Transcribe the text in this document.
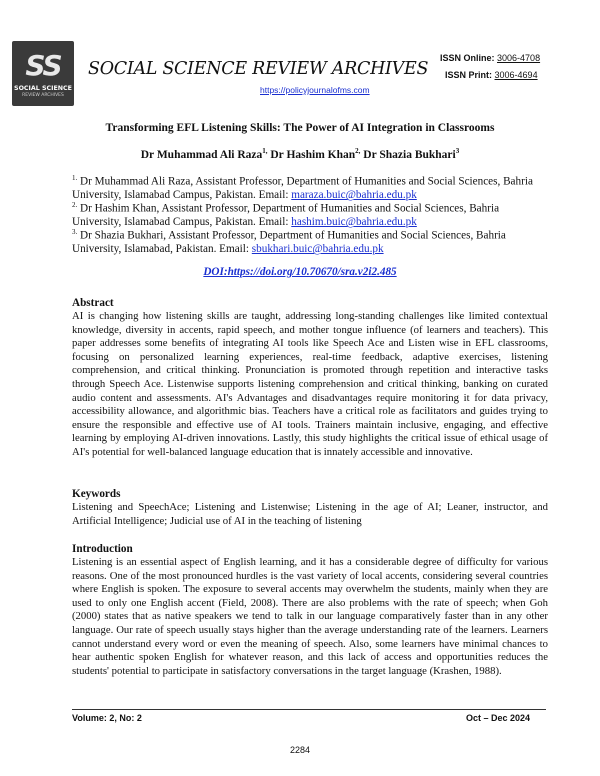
SS
SOCIAL SCIENCE
REVIEW ARCHIVES
SOCIAL SCIENCE REVIEW ARCHIVES
https://policyjournalofms.com
ISSN Online: 3006-4708
ISSN Print: 3006-4694
Transforming EFL Listening Skills: The Power of AI Integration in Classrooms
Dr Muhammad Ali Raza$^{1,}$ Dr Hashim Khan$^{2,}$ Dr Shazia Bukhari$^3$
$^{1.}$ Dr Muhammad Ali Raza, Assistant Professor, Department of Humanities and Social Sciences, Bahria University, Islamabad Campus, Pakistan. Email: maraza.buic@bahria.edu.pk
$^{2.}$ Dr Hashim Khan, Assistant Professor, Department of Humanities and Social Sciences, Bahria University, Islamabad Campus, Pakistan. Email: hashim.buic@bahria.edu.pk
$^{3.}$ Dr Shazia Bukhari, Assistant Professor, Department of Humanities and Social Sciences, Bahria University, Islamabad, Pakistan. Email: sbukhari.buic@bahria.edu.pk
DOI:https://doi.org/10.70670/sra.v2i2.485
Abstract
AI is changing how listening skills are taught, addressing long-standing challenges like limited contextual knowledge, diversity in accents, rapid speech, and mother tongue influence (of learners and teachers). This paper addresses some benefits of integrating AI tools like Speech Ace and Listen wise in EFL classrooms, focusing on personalized learning experiences, real-time feedback, adaptive exercises, listening comprehension, and critical thinking. Pronunciation is promoted through repetition and interactive tasks through Speech Ace. Listenwise supports listening comprehension and critical thinking, banking on curated audio content and assessments. AI's Advantages and disadvantages require monitoring it for data privacy, accessibility allowance, and algorithmic bias. Teachers have a critical role as facilitators and guides trying to ensure the responsible and effective use of AI tools. Trainers maintain inclusive, engaging, and effective learning by employing AI-driven innovations. Lastly, this study highlights the critical issue of ethical usage of AI's potential for well-balanced language education that is innately accessible and innovative.
Keywords
Listening and SpeechAce; Listening and Listenwise; Listening in the age of AI; Leaner, instructor, and Artificial Intelligence; Judicial use of AI in the teaching of listening
Introduction
Listening is an essential aspect of English learning, and it has a considerable degree of difficulty for various reasons. One of the most pronounced hurdles is the vast variety of local accents, considering several countries where English is spoken. The exposure to several accents may overwhelm the students, mainly when they are used to only one English accent (Field, 2008). There are also problems with the rate of speech; when Goh (2000) states that as native speakers we tend to talk in our language comparatively faster than in any other language. Our rate of speech usually stays higher than the average understanding rate of the learners. Learners cannot understand every word or even the meaning of speech. Also, some learners have minimal chances to hear authentic spoken English for whatever reason, and this lack of access and opportunities reduces the students' potential to participate in satisfactory conversations in the target language (Krashen, 1988).
Volume: 2, No: 2	Oct – Dec 2024
2284
